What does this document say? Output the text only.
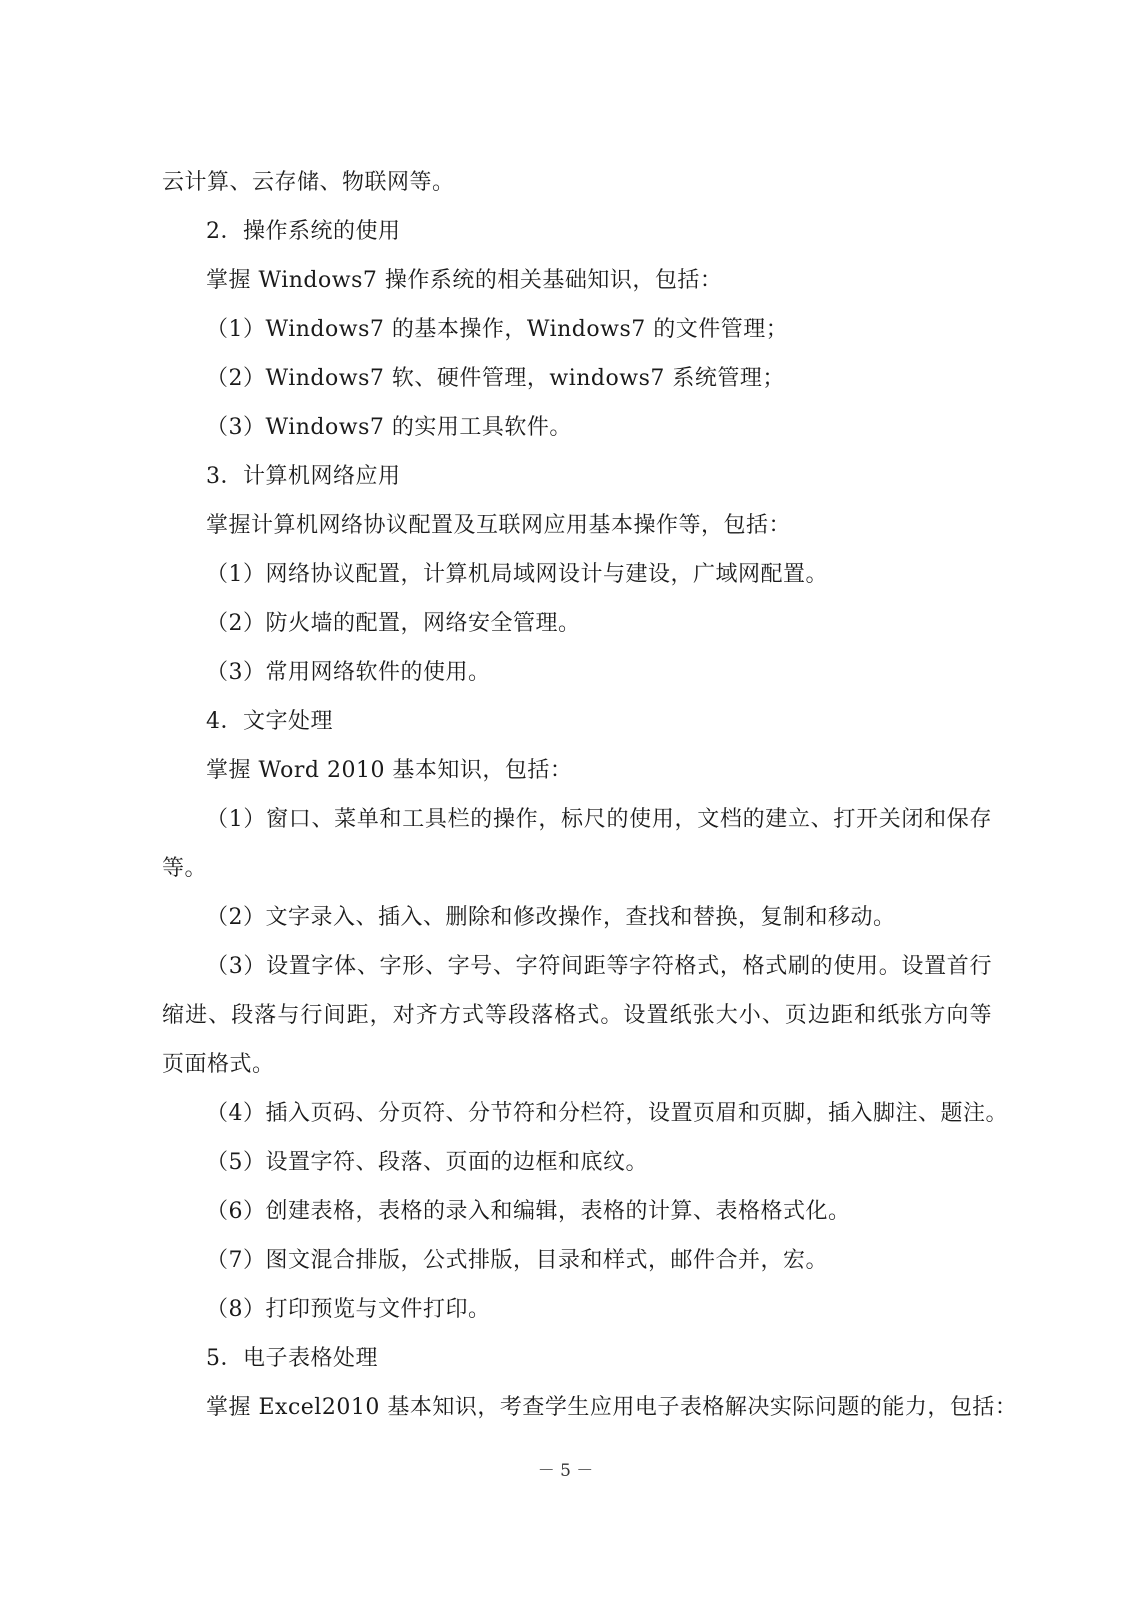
云计算、云存储、物联网等。
2．操作系统的使用
掌握 Windows7 操作系统的相关基础知识，包括：
（1）Windows7 的基本操作，Windows7 的文件管理；
（2）Windows7 软、硬件管理，windows7 系统管理；
（3）Windows7 的实用工具软件。
3．计算机网络应用
掌握计算机网络协议配置及互联网应用基本操作等，包括：
（1）网络协议配置，计算机局域网设计与建设，广域网配置。
（2）防火墙的配置，网络安全管理。
（3）常用网络软件的使用。
4．文字处理
掌握 Word 2010 基本知识，包括：
（1）窗口、菜单和工具栏的操作，标尺的使用，文档的建立、打开关闭和保存等。
（2）文字录入、插入、删除和修改操作，查找和替换，复制和移动。
（3）设置字体、字形、字号、字符间距等字符格式，格式刷的使用。设置首行缩进、段落与行间距，对齐方式等段落格式。设置纸张大小、页边距和纸张方向等页面格式。
（4）插入页码、分页符、分节符和分栏符，设置页眉和页脚，插入脚注、题注。
（5）设置字符、段落、页面的边框和底纹。
（6）创建表格，表格的录入和编辑，表格的计算、表格格式化。
（7）图文混合排版，公式排版，目录和样式，邮件合并，宏。
（8）打印预览与文件打印。
5．电子表格处理
掌握 Excel2010 基本知识，考查学生应用电子表格解决实际问题的能力，包括：
－ 5 －
